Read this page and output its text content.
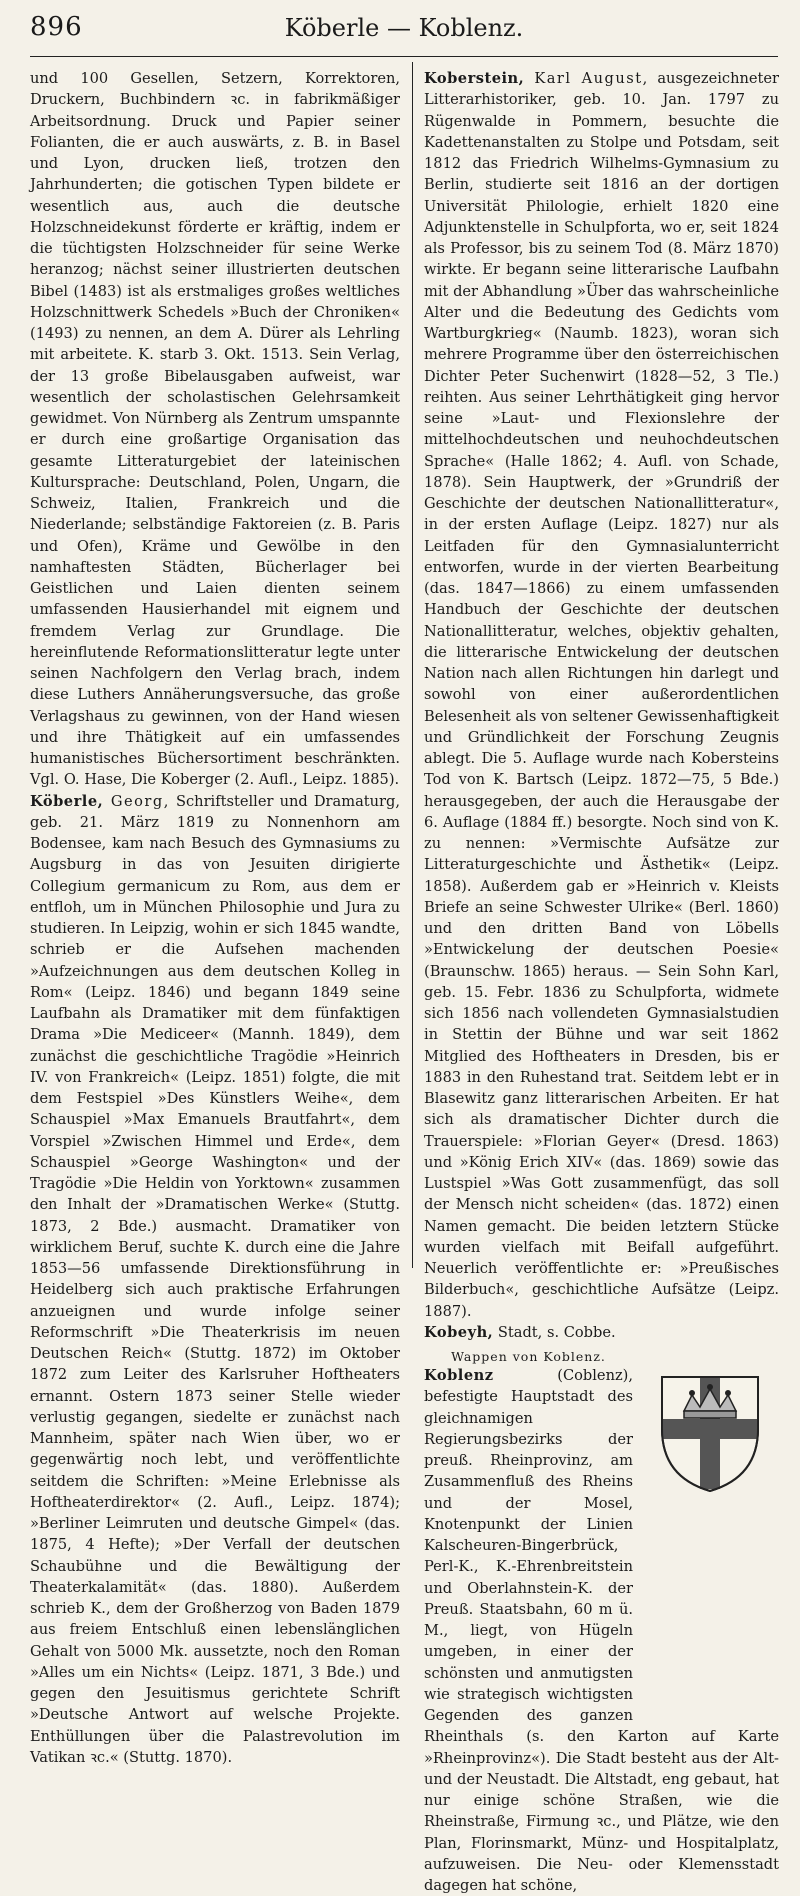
896	Köberle — Koblenz.

und 100 Gesellen, Setzern, Korrektoren, Druckern, Buchbindern ꝛc. in fabrikmäßiger Arbeitsordnung. Druck und Papier seiner Folianten, die er auch auswärts, z. B. in Basel und Lyon, drucken ließ, trotzen den Jahrhunderten; die gotischen Typen bildete er wesentlich aus, auch die deutsche Holzschneidekunst förderte er kräftig, indem er die tüchtigsten Holzschneider für seine Werke heranzog; nächst seiner illustrierten deutschen Bibel (1483) ist als erstmaliges großes weltliches Holzschnittwerk Schedels »Buch der Chroniken« (1493) zu nennen, an dem A. Dürer als Lehrling mit arbeitete. K. starb 3. Okt. 1513. Sein Verlag, der 13 große Bibelausgaben aufweist, war wesentlich der scholastischen Gelehrsamkeit gewidmet. Von Nürnberg als Zentrum umspannte er durch eine großartige Organisation das gesamte Litteraturgebiet der lateinischen Kultursprache: Deutschland, Polen, Ungarn, die Schweiz, Italien, Frankreich und die Niederlande; selbständige Faktoreien (z. B. Paris und Ofen), Krämе und Gewölbe in den namhaftesten Städten, Bücherlager bei Geistlichen und Laien dienten seinem umfassenden Hausierhandel mit eignem und fremdem Verlag zur Grundlage. Die hereinflutende Reformationslitteratur legte unter seinen Nachfolgern den Verlag brach, indem diese Luthers Annäherungsversuche, das große Verlagshaus zu gewinnen, von der Hand wiesen und ihre Thätigkeit auf ein umfassendes humanistisches Büchersortiment beschränkten. Vgl. O. Hase, Die Koberger (2. Aufl., Leipz. 1885).

Köberle, Georg, Schriftsteller und Dramaturg, geb. 21. März 1819 zu Nonnenhorn am Bodensee, kam nach Besuch des Gymnasiums zu Augsburg in das von Jesuiten dirigierte Collegium germanicum zu Rom, aus dem er entfloh, um in München Philosophie und Jura zu studieren. In Leipzig, wohin er sich 1845 wandte, schrieb er die Aufsehen machenden »Aufzeichnungen aus dem deutschen Kolleg in Rom« (Leipz. 1846) und begann 1849 seine Laufbahn als Dramatiker mit dem fünfaktigen Drama »Die Mediceer« (Mannh. 1849), dem zunächst die geschichtliche Tragödie »Heinrich IV. von Frankreich« (Leipz. 1851) folgte, die mit dem Festspiel »Des Künstlers Weihe«, dem Schauspiel »Max Emanuels Brautfahrt«, dem Vorspiel »Zwischen Himmel und Erde«, dem Schauspiel »George Washington« und der Tragödie »Die Heldin von Yorktown« zusammen den Inhalt der »Dramatischen Werke« (Stuttg. 1873, 2 Bde.) ausmacht. Dramatiker von wirklichem Beruf, suchte K. durch eine die Jahre 1853—56 umfassende Direktionsführung in Heidelberg sich auch praktische Erfahrungen anzueignen und wurde infolge seiner Reformschrift »Die Theaterkrisis im neuen Deutschen Reich« (Stuttg. 1872) im Oktober 1872 zum Leiter des Karlsruher Hoftheaters ernannt. Ostern 1873 seiner Stelle wieder verlustig gegangen, siedelte er zunächst nach Mannheim, später nach Wien über, wo er gegenwärtig noch lebt, und veröffentlichte seitdem die Schriften: »Meine Erlebnisse als Hoftheaterdirektor« (2. Aufl., Leipz. 1874); »Berliner Leimruten und deutsche Gimpel« (das. 1875, 4 Hefte); »Der Verfall der deutschen Schaubühne und die Bewältigung der Theaterkalamität« (das. 1880). Außerdem schrieb K., dem der Großherzog von Baden 1879 aus freiem Entschluß einen lebenslänglichen Gehalt von 5000 Mk. aussetzte, noch den Roman »Alles um ein Nichts« (Leipz. 1871, 3 Bde.) und gegen den Jesuitismus gerichtete Schrift »Deutsche Antwort auf welsche Projekte. Enthüllungen über die Palastrevolution im Vatikan ꝛc.« (Stuttg. 1870).

Koberstein, Karl August, ausgezeichneter Litterarhistoriker, geb. 10. Jan. 1797 zu Rügenwalde in Pommern, besuchte die Kadettenanstalten zu Stolpe und Potsdam, seit 1812 das Friedrich Wilhelms-Gymnasium zu Berlin, studierte seit 1816 an der dortigen Universität Philologie, erhielt 1820 eine Adjunktenstelle in Schulpforta, wo er, seit 1824 als Professor, bis zu seinem Tod (8. März 1870) wirkte. Er begann seine litterarische Laufbahn mit der Abhandlung »Über das wahrscheinliche Alter und die Bedeutung des Gedichts vom Wartburgkrieg« (Naumb. 1823), woran sich mehrere Programme über den österreichischen Dichter Peter Suchenwirt (1828—52, 3 Tle.) reihten. Aus seiner Lehrthätigkeit ging hervor seine »Laut- und Flexionslehre der mittelhochdeutschen und neuhochdeutschen Sprache« (Halle 1862; 4. Aufl. von Schade, 1878). Sein Hauptwerk, der »Grundriß der Geschichte der deutschen Nationallitteratur«, in der ersten Auflage (Leipz. 1827) nur als Leitfaden für den Gymnasialunterricht entworfen, wurde in der vierten Bearbeitung (das. 1847—1866) zu einem umfassenden Handbuch der Geschichte der deutschen Nationallitteratur, welches, objektiv gehalten, die litterarische Entwickelung der deutschen Nation nach allen Richtungen hin darlegt und sowohl von einer außerordentlichen Belesenheit als von seltener Gewissenhaftigkeit und Gründlichkeit der Forschung Zeugnis ablegt. Die 5. Auflage wurde nach Kobersteins Tod von K. Bartsch (Leipz. 1872—75, 5 Bde.) herausgegeben, der auch die Herausgabe der 6. Auflage (1884 ff.) besorgte. Noch sind von K. zu nennen: »Vermischte Aufsätze zur Litteraturgeschichte und Ästhetik« (Leipz. 1858). Außerdem gab er »Heinrich v. Kleists Briefe an seine Schwester Ulrike« (Berl. 1860) und den dritten Band von Löbells »Entwickelung der deutschen Poesie« (Braunschw. 1865) heraus. — Sein Sohn Karl, geb. 15. Febr. 1836 zu Schulpforta, widmete sich 1856 nach vollendeten Gymnasialstudien in Stettin der Bühne und war seit 1862 Mitglied des Hoftheaters in Dresden, bis er 1883 in den Ruhestand trat. Seitdem lebt er in Blasewitz ganz litterarischen Arbeiten. Er hat sich als dramatischer Dichter durch die Trauerspiele: »Florian Geyer« (Dresd. 1863) und »König Erich XIV« (das. 1869) sowie das Lustspiel »Was Gott zusammenfügt, das soll der Mensch nicht scheiden« (das. 1872) einen Namen gemacht. Die beiden letztern Stücke wurden vielfach mit Beifall aufgeführt. Neuerlich veröffentlichte er: »Preußisches Bilderbuch«, geschichtliche Aufsätze (Leipz. 1887).

Kobeyh, Stadt, s. Cobbe.

Wappen von Koblenz.
Koblenz (Coblenz), befestigte Hauptstadt des gleichnamigen Regierungsbezirks der preuß. Rheinprovinz, am Zusammenfluß des Rheins und der Mosel, Knotenpunkt der Linien Kalscheuren-Bingerbrück, Perl-K., K.-Ehrenbreitstein und Oberlahnstein-K. der Preuß. Staatsbahn, 60 m ü. M., liegt, von Hügeln umgeben, in einer der schönsten und anmutigsten wie strategisch wichtigsten Gegenden des ganzen Rheinthals (s. den Karton auf Karte »Rheinprovinz«). Die Stadt besteht aus der Alt- und der Neustadt. Die Altstadt, eng gebaut, hat nur einige schöne Straßen, wie die Rheinstraße, Firmung ꝛc., und Plätze, wie den Plan, Florinsmarkt, Münz- und Hospitalplatz, aufzuweisen. Die Neu- oder Klemensstadt dagegen hat schöne,
